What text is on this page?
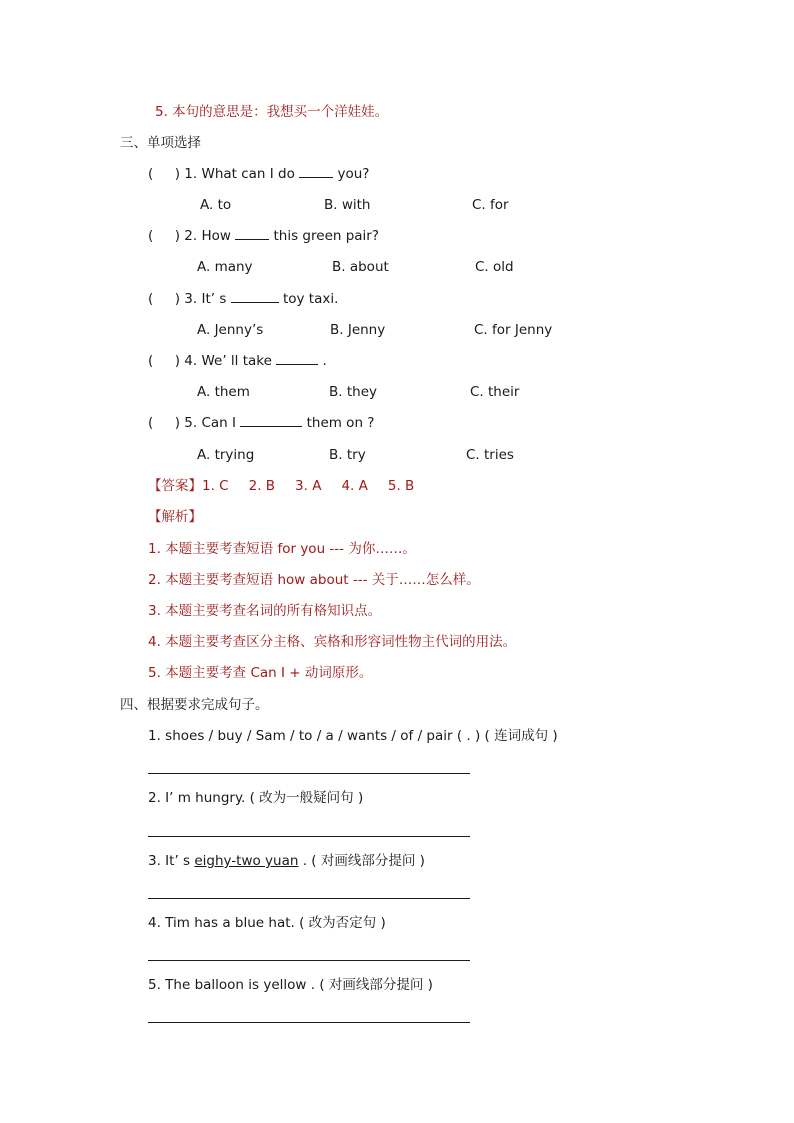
5. 本句的意思是：我想买一个洋娃娃。
三、单项选择
(     ) 1. What can I do	you?
A. to	B. with	C. for
(     ) 2. How	this green pair?
A. many	B. about	C. old
(     ) 3. It’ s	toy taxi.
A. Jenny’s	B. Jenny	C. for Jenny
(     ) 4. We’ ll take	.
A. them	B. they	C. their
(     ) 5. Can I	them on ?
A. trying	B. try	C. tries
【答案】1. C 2. B 3. A 4. A 5. B
【解析】
1. 本题主要考查短语 for you --- 为你……。
2. 本题主要考查短语 how about --- 关于……怎么样。
3. 本题主要考查名词的所有格知识点。
4. 本题主要考查区分主格、宾格和形容词性物主代词的用法。
5. 本题主要考查 Can I + 动词原形。
四、根据要求完成句子。
1. shoes / buy / Sam / to / a / wants / of / pair ( . ) ( 连词成句 )
2. I’ m hungry. ( 改为一般疑问句 )
3. It’ s eighy-two yuan . ( 对画线部分提问 )
4. Tim has a blue hat. ( 改为否定句 )
5. The balloon is yellow . ( 对画线部分提问 )
